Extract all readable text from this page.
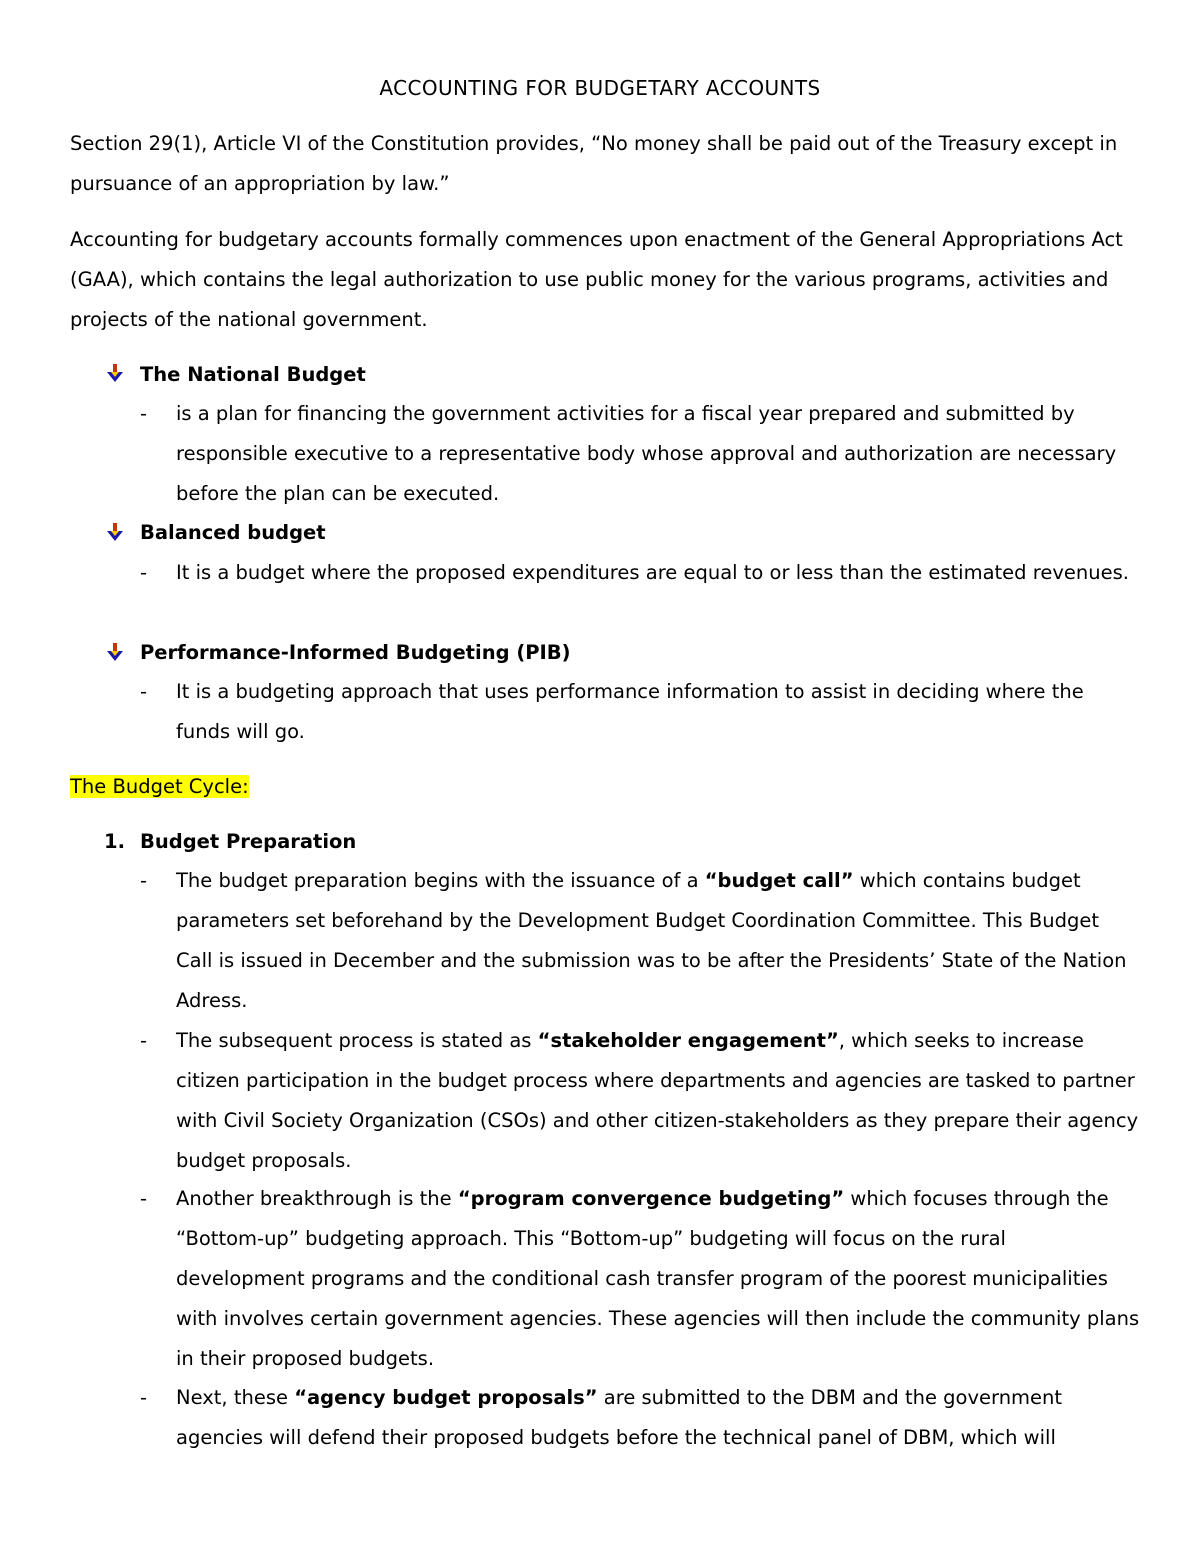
ACCOUNTING FOR BUDGETARY ACCOUNTS
Section 29(1), Article VI of the Constitution provides, “No money shall be paid out of the Treasury except in pursuance of an appropriation by law.”
Accounting for budgetary accounts formally commences upon enactment of the General Appropriations Act (GAA), which contains the legal authorization to use public money for the various programs, activities and projects of the national government.
The National Budget
- is a plan for financing the government activities for a fiscal year prepared and submitted by responsible executive to a representative body whose approval and authorization are necessary before the plan can be executed.
Balanced budget
- It is a budget where the proposed expenditures are equal to or less than the estimated revenues.
Performance-Informed Budgeting (PIB)
- It is a budgeting approach that uses performance information to assist in deciding where the funds will go.
The Budget Cycle:
1. Budget Preparation
- The budget preparation begins with the issuance of a “budget call” which contains budget parameters set beforehand by the Development Budget Coordination Committee. This Budget Call is issued in December and the submission was to be after the Presidents’ State of the Nation Adress.
- The subsequent process is stated as “stakeholder engagement”, which seeks to increase citizen participation in the budget process where departments and agencies are tasked to partner with Civil Society Organization (CSOs) and other citizen-stakeholders as they prepare their agency budget proposals.
- Another breakthrough is the “program convergence budgeting” which focuses through the “Bottom-up” budgeting approach. This “Bottom-up” budgeting will focus on the rural development programs and the conditional cash transfer program of the poorest municipalities with involves certain government agencies. These agencies will then include the community plans in their proposed budgets.
- Next, these “agency budget proposals” are submitted to the DBM and the government agencies will defend their proposed budgets before the technical panel of DBM, which will
